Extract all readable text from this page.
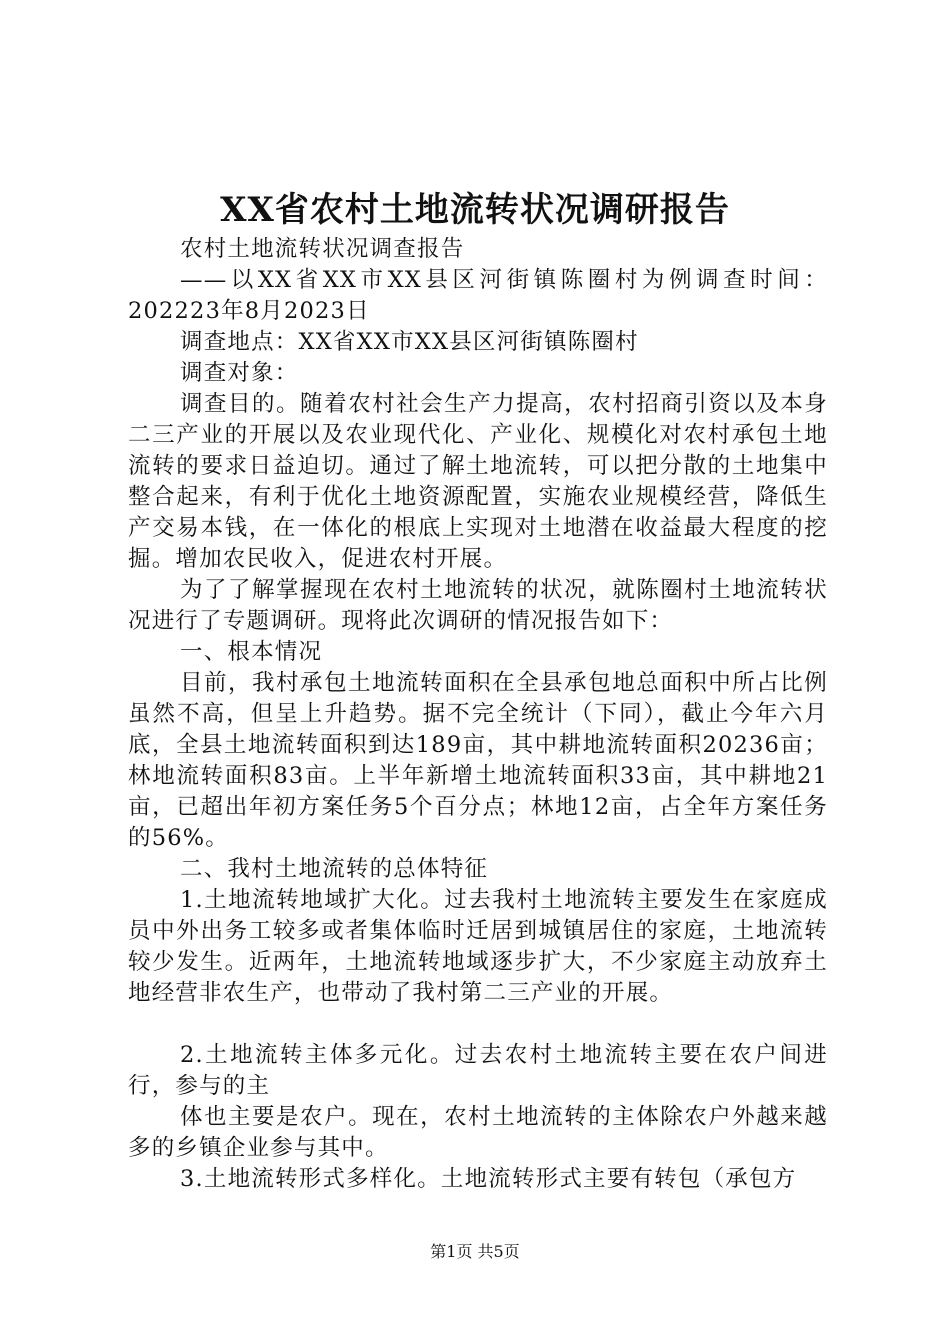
XX省农村土地流转状况调研报告

农村土地流转状况调查报告

——以XX省XX市XX县区河街镇陈圈村为例调查时间：202223年8月2023日

调查地点：XX省XX市XX县区河街镇陈圈村

调查对象：

调查目的。随着农村社会生产力提高，农村招商引资以及本身二三产业的开展以及农业现代化、产业化、规模化对农村承包土地流转的要求日益迫切。通过了解土地流转，可以把分散的土地集中整合起来，有利于优化土地资源配置，实施农业规模经营，降低生产交易本钱，在一体化的根底上实现对土地潜在收益最大程度的挖掘。增加农民收入，促进农村开展。

为了了解掌握现在农村土地流转的状况，就陈圈村土地流转状况进行了专题调研。现将此次调研的情况报告如下：

一、根本情况

目前，我村承包土地流转面积在全县承包地总面积中所占比例虽然不高，但呈上升趋势。据不完全统计（下同），截止今年六月底，全县土地流转面积到达189亩，其中耕地流转面积20236亩；林地流转面积83亩。上半年新增土地流转面积33亩，其中耕地21亩，已超出年初方案任务5个百分点；林地12亩，占全年方案任务的56%。

二、我村土地流转的总体特征

1.土地流转地域扩大化。过去我村土地流转主要发生在家庭成员中外出务工较多或者集体临时迁居到城镇居住的家庭，土地流转较少发生。近两年，土地流转地域逐步扩大，不少家庭主动放弃土地经营非农生产，也带动了我村第二三产业的开展。

2.土地流转主体多元化。过去农村土地流转主要在农户间进行，参与的主

体也主要是农户。现在，农村土地流转的主体除农户外越来越多的乡镇企业参与其中。

3.土地流转形式多样化。土地流转形式主要有转包（承包方

第1页 共5页
